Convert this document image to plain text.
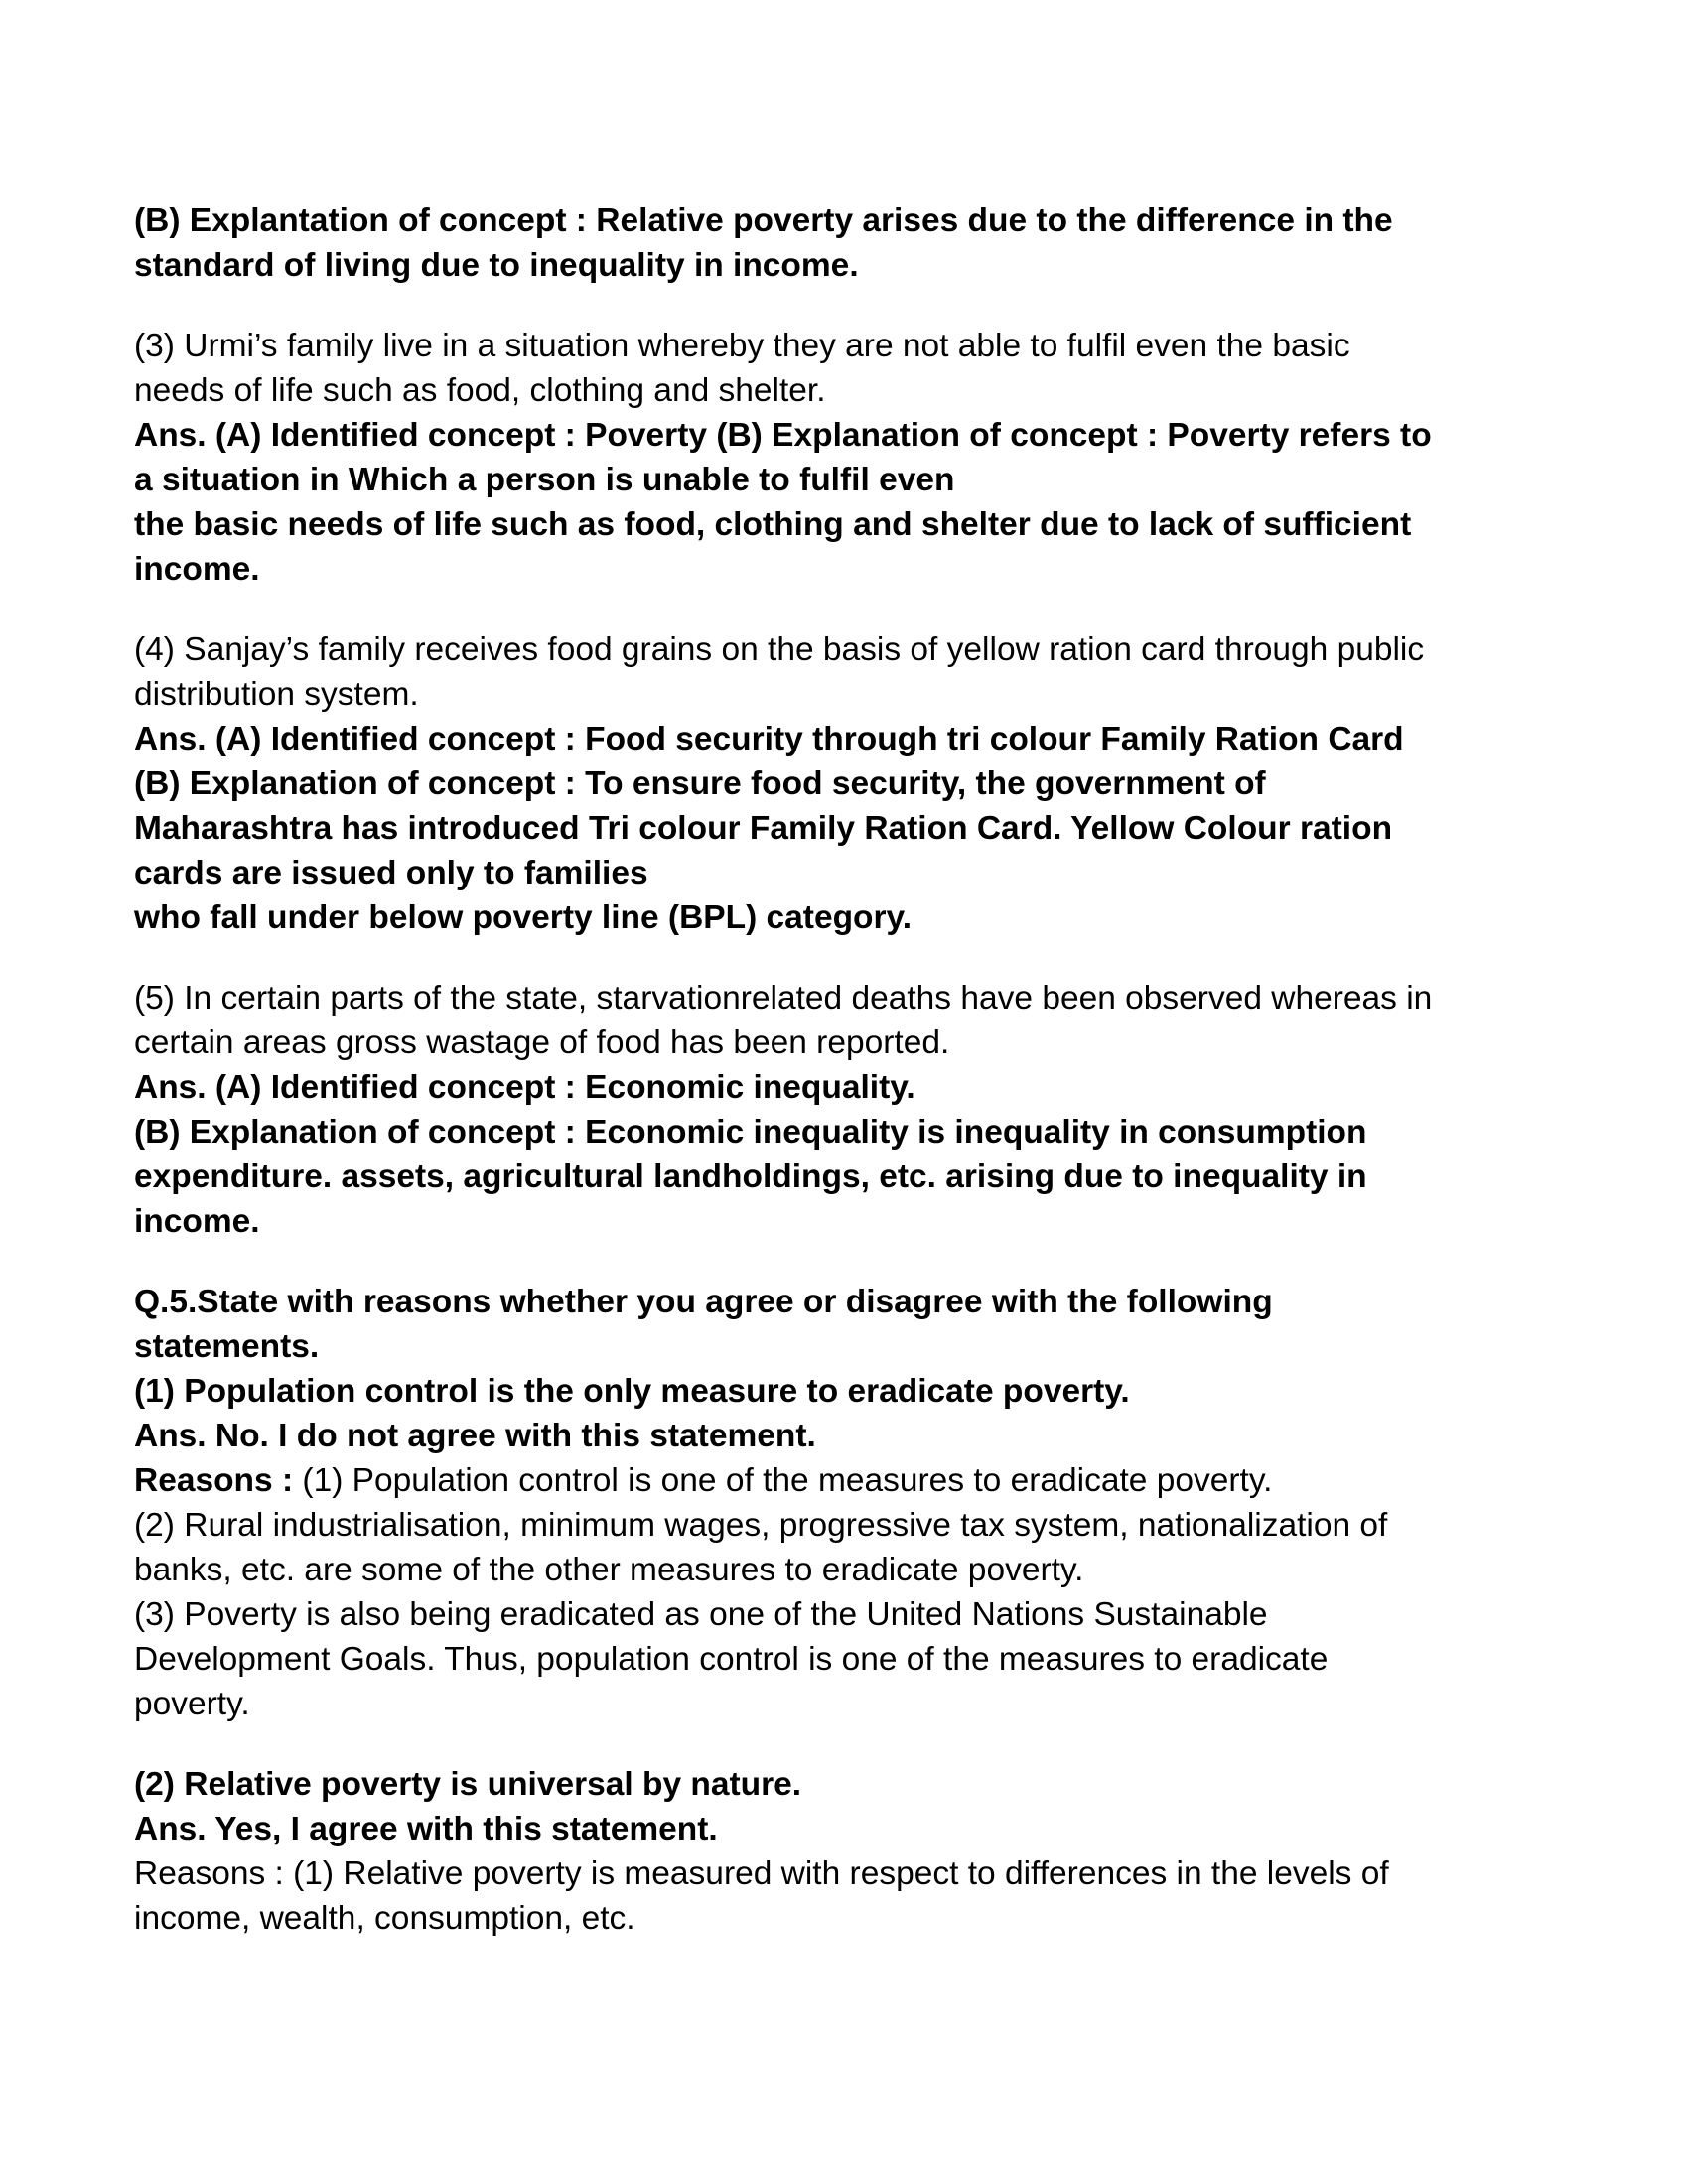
(B) Explantation of concept : Relative poverty arises due to the difference in the
standard of living due to inequality in income.

(3) Urmi’s family live in a situation whereby they are not able to fulfil even the basic
needs of life such as food, clothing and shelter.
Ans. (A) Identified concept : Poverty (B) Explanation of concept : Poverty refers to
a situation in Which a person is unable to fulfil even
the basic needs of life such as food, clothing and shelter due to lack of sufficient
income.
(4) Sanjay’s family receives food grains on the basis of yellow ration card through public
distribution system.
Ans. (A) Identified concept : Food security through tri colour Family Ration Card
(B) Explanation of concept : To ensure food security, the government of
Maharashtra has introduced Tri colour Family Ration Card. Yellow Colour ration
cards are issued only to families
who fall under below poverty line (BPL) category.
(5) In certain parts of the state, starvationrelated deaths have been observed whereas in
certain areas gross wastage of food has been reported.
Ans. (A) Identified concept : Economic inequality.
(B) Explanation of concept : Economic inequality is inequality in consumption
expenditure. assets, agricultural landholdings, etc. arising due to inequality in
income.
Q.5.State with reasons whether you agree or disagree with the following
statements.
(1) Population control is the only measure to eradicate poverty.
Ans. No. I do not agree with this statement.
Reasons : (1) Population control is one of the measures to eradicate poverty.
(2) Rural industrialisation, minimum wages, progressive tax system, nationalization of
banks, etc. are some of the other measures to eradicate poverty.
(3) Poverty is also being eradicated as one of the United Nations Sustainable
Development Goals. Thus, population control is one of the measures to eradicate
poverty.
(2) Relative poverty is universal by nature.
Ans. Yes, I agree with this statement.
Reasons : (1) Relative poverty is measured with respect to differences in the levels of
income, wealth, consumption, etc.
